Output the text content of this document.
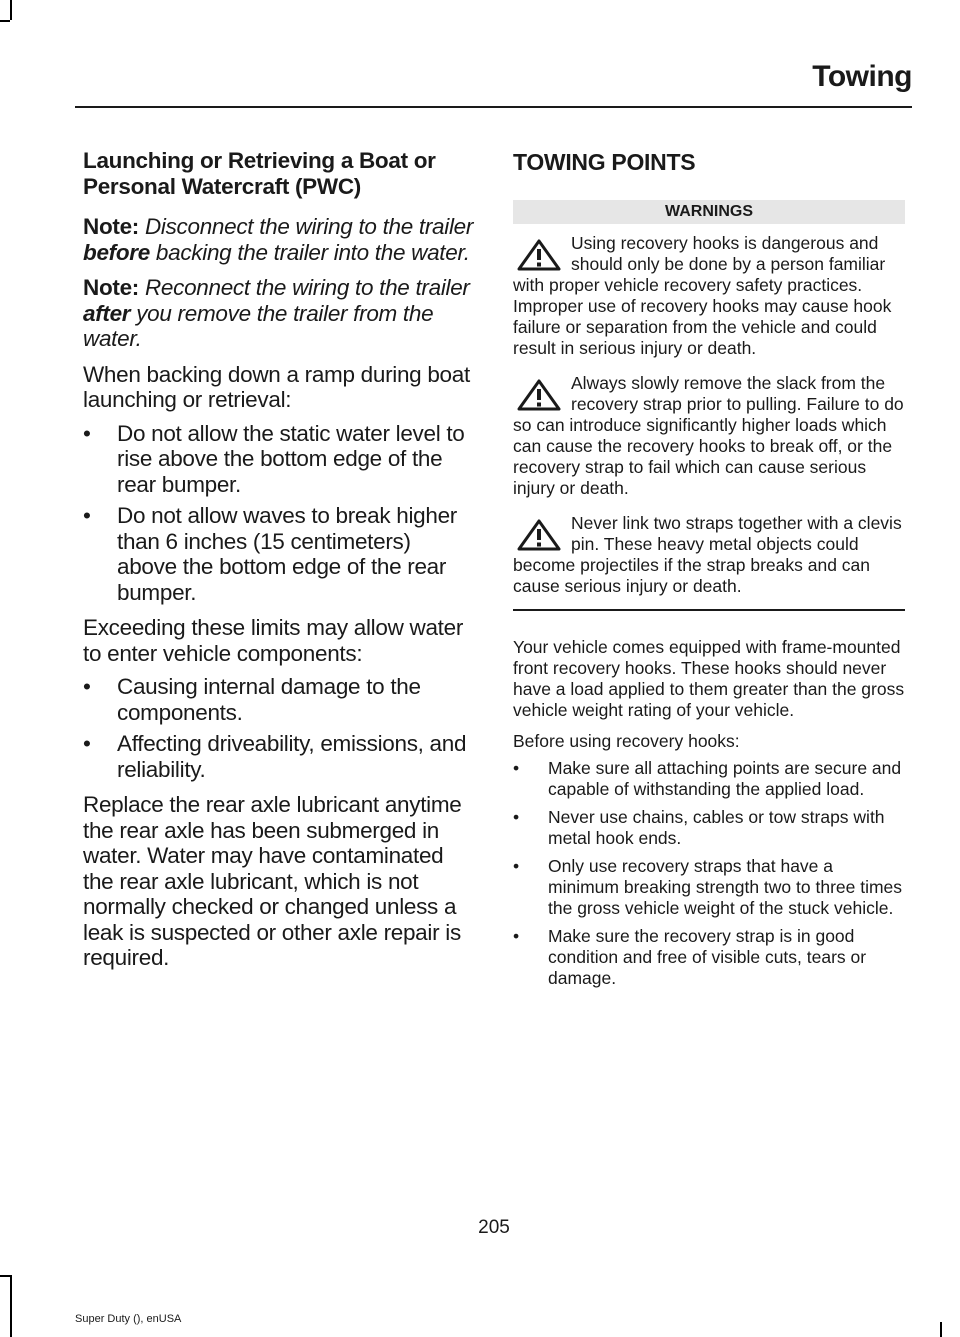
Towing
Launching or Retrieving a Boat or Personal Watercraft (PWC)

Note: Disconnect the wiring to the trailer before backing the trailer into the water.

Note: Reconnect the wiring to the trailer after you remove the trailer from the water.

When backing down a ramp during boat launching or retrieval:

• Do not allow the static water level to rise above the bottom edge of the rear bumper.
• Do not allow waves to break higher than 6 inches (15 centimeters) above the bottom edge of the rear bumper.

Exceeding these limits may allow water to enter vehicle components:

• Causing internal damage to the components.
• Affecting driveability, emissions, and reliability.

Replace the rear axle lubricant anytime the rear axle has been submerged in water. Water may have contaminated the rear axle lubricant, which is not normally checked or changed unless a leak is suspected or other axle repair is required.

TOWING POINTS
WARNINGS
Using recovery hooks is dangerous and should only be done by a person familiar with proper vehicle recovery safety practices. Improper use of recovery hooks may cause hook failure or separation from the vehicle and could result in serious injury or death.
Always slowly remove the slack from the recovery strap prior to pulling. Failure to do so can introduce significantly higher loads which can cause the recovery hooks to break off, or the recovery strap to fail which can cause serious injury or death.
Never link two straps together with a clevis pin. These heavy metal objects could become projectiles if the strap breaks and can cause serious injury or death.

Your vehicle comes equipped with frame-mounted front recovery hooks. These hooks should never have a load applied to them greater than the gross vehicle weight rating of your vehicle.

Before using recovery hooks:

• Make sure all attaching points are secure and capable of withstanding the applied load.
• Never use chains, cables or tow straps with metal hook ends.
• Only use recovery straps that have a minimum breaking strength two to three times the gross vehicle weight of the stuck vehicle.
• Make sure the recovery strap is in good condition and free of visible cuts, tears or damage.
205
Super Duty (), enUSA
